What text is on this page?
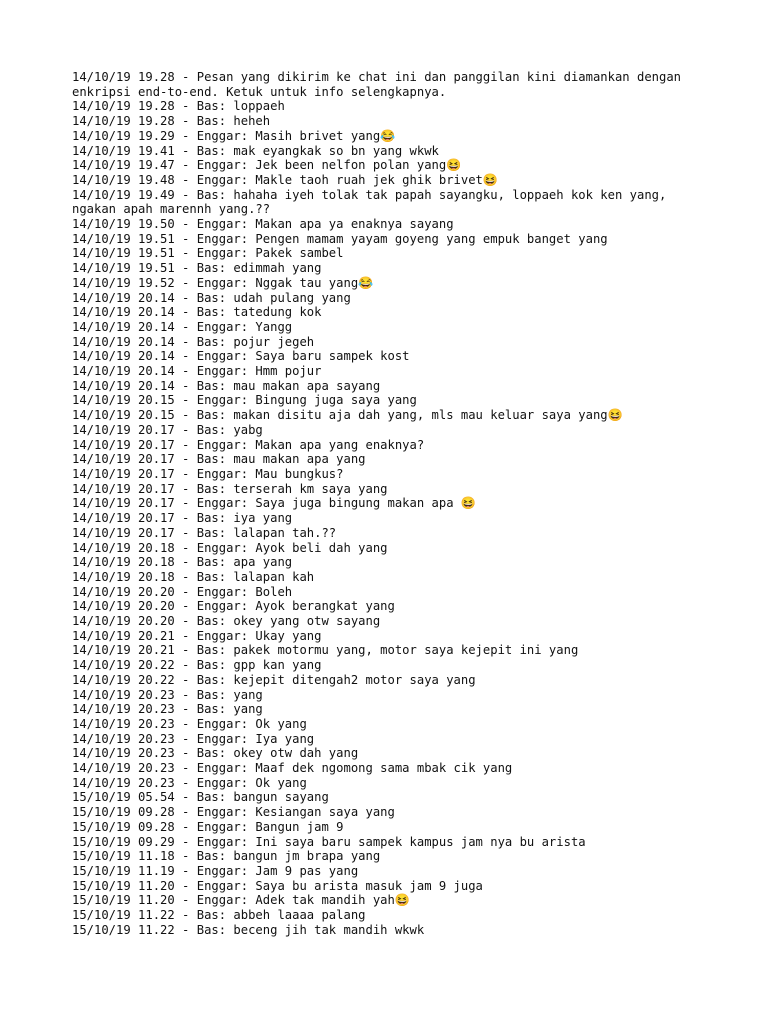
14/10/19 19.28 - Pesan yang dikirim ke chat ini dan panggilan kini diamankan dengan enkripsi end-to-end. Ketuk untuk info selengkapnya.
14/10/19 19.28 - Bas: loppaeh
14/10/19 19.28 - Bas: heheh
14/10/19 19.29 - Enggar: Masih brivet yang😂
14/10/19 19.41 - Bas: mak eyangkak so bn yang wkwk
14/10/19 19.47 - Enggar: Jek been nelfon polan yang😆
14/10/19 19.48 - Enggar: Makle taoh ruah jek ghik brivet😆
14/10/19 19.49 - Bas: hahaha iyeh tolak tak papah sayangku, loppaeh kok ken yang, ngakan apah marennh yang.??
14/10/19 19.50 - Enggar: Makan apa ya enaknya sayang
14/10/19 19.51 - Enggar: Pengen mamam yayam goyeng yang empuk banget yang
14/10/19 19.51 - Enggar: Pakek sambel
14/10/19 19.51 - Bas: edimmah yang
14/10/19 19.52 - Enggar: Nggak tau yang😂
14/10/19 20.14 - Bas: udah pulang yang
14/10/19 20.14 - Bas: tatedung kok
14/10/19 20.14 - Enggar: Yangg
14/10/19 20.14 - Bas: pojur jegeh
14/10/19 20.14 - Enggar: Saya baru sampek kost
14/10/19 20.14 - Enggar: Hmm pojur
14/10/19 20.14 - Bas: mau makan apa sayang
14/10/19 20.15 - Enggar: Bingung juga saya yang
14/10/19 20.15 - Bas: makan disitu aja dah yang, mls mau keluar saya yang😆
14/10/19 20.17 - Bas: yabg
14/10/19 20.17 - Enggar: Makan apa yang enaknya?
14/10/19 20.17 - Bas: mau makan apa yang
14/10/19 20.17 - Enggar: Mau bungkus?
14/10/19 20.17 - Bas: terserah km saya yang
14/10/19 20.17 - Enggar: Saya juga bingung makan apa 😆
14/10/19 20.17 - Bas: iya yang
14/10/19 20.17 - Bas: lalapan tah.??
14/10/19 20.18 - Enggar: Ayok beli dah yang
14/10/19 20.18 - Bas: apa yang
14/10/19 20.18 - Bas: lalapan kah
14/10/19 20.20 - Enggar: Boleh
14/10/19 20.20 - Enggar: Ayok berangkat yang
14/10/19 20.20 - Bas: okey yang otw sayang
14/10/19 20.21 - Enggar: Ukay yang
14/10/19 20.21 - Bas: pakek motormu yang, motor saya kejepit ini yang
14/10/19 20.22 - Bas: gpp kan yang
14/10/19 20.22 - Bas: kejepit ditengah2 motor saya yang
14/10/19 20.23 - Bas: yang
14/10/19 20.23 - Bas: yang
14/10/19 20.23 - Enggar: Ok yang
14/10/19 20.23 - Enggar: Iya yang
14/10/19 20.23 - Bas: okey otw dah yang
14/10/19 20.23 - Enggar: Maaf dek ngomong sama mbak cik yang
14/10/19 20.23 - Enggar: Ok yang
15/10/19 05.54 - Bas: bangun sayang
15/10/19 09.28 - Enggar: Kesiangan saya yang
15/10/19 09.28 - Enggar: Bangun jam 9
15/10/19 09.29 - Enggar: Ini saya baru sampek kampus jam nya bu arista
15/10/19 11.18 - Bas: bangun jm brapa yang
15/10/19 11.19 - Enggar: Jam 9 pas yang
15/10/19 11.20 - Enggar: Saya bu arista masuk jam 9 juga
15/10/19 11.20 - Enggar: Adek tak mandih yah😆
15/10/19 11.22 - Bas: abbeh laaaa palang
15/10/19 11.22 - Bas: beceng jih tak mandih wkwk
